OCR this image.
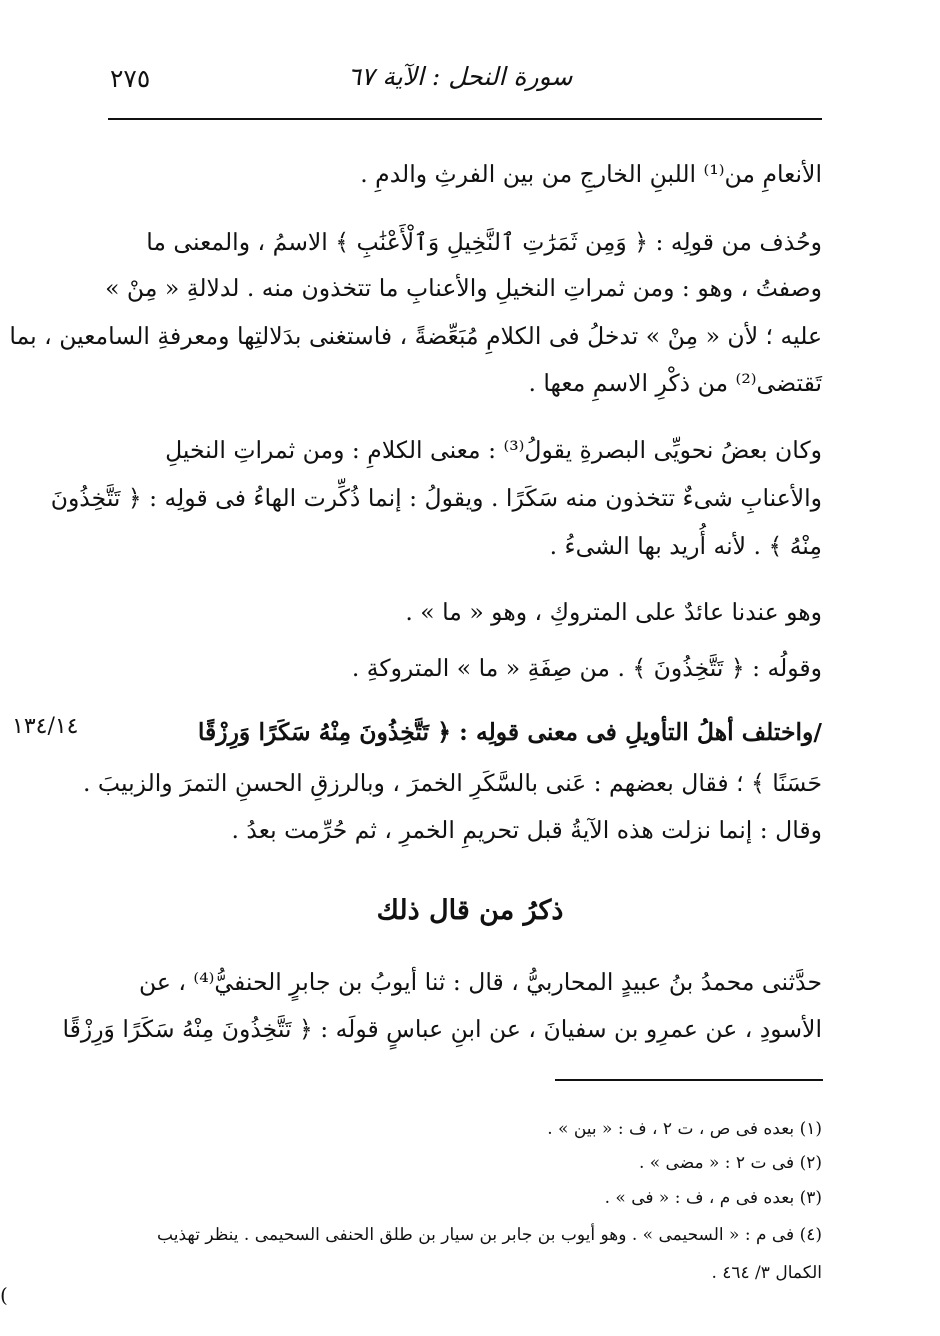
سورة النحل : الآية ٦٧
٢٧٥
الأنعامِ من⁽¹⁾ اللبنِ الخارجِ من بين الفرثِ والدمِ .
وحُذف من قولِه : ﴿ وَمِن ثَمَرَٰتِ ٱلنَّخِيلِ وَٱلْأَعْنَٰبِ ﴾ الاسمُ ، والمعنى ما
وصفتُ ، وهو : ومن ثمراتِ النخيلِ والأعنابِ ما تتخذون منه . لدلالةِ « مِنْ »
عليه ؛ لأن « مِنْ » تدخلُ فى الكلامِ مُبَعِّضةً ، فاستغنى بدَلالتِها ومعرفةِ السامعين ، بما
تَقتضى⁽²⁾ من ذكْرِ الاسمِ معها .
وكان بعضُ نحويِّى البصرةِ يقولُ⁽³⁾ : معنى الكلامِ : ومن ثمراتِ النخيلِ
والأعنابِ شىءٌ تتخذون منه سَكَرًا . ويقولُ : إنما ذُكِّرت الهاءُ فى قولِه : ﴿ تَتَّخِذُونَ
مِنْهُ ﴾ . لأنه أُريد بها الشىءُ .
وهو عندنا عائدٌ على المتروكِ ، وهو « ما » .
وقولُه : ﴿ تَتَّخِذُونَ ﴾ . من صِفَةِ « ما » المتروكةِ .
/واختلف أهلُ التأويلِ فى معنى قولِه : ﴿ تَتَّخِذُونَ مِنْهُ سَكَرًا وَرِزْقًا
حَسَنًا ﴾ ؛ فقال بعضهم : عَنى بالسَّكَرِ الخمرَ ، وبالرزقِ الحسنِ التمرَ والزبيبَ .
وقال : إنما نزلت هذه الآيةُ قبل تحريمِ الخمرِ ، ثم حُرِّمت بعدُ .
١٣٤/١٤
ذكرُ من قال ذلك
حدَّثنى محمدُ بنُ عبيدٍ المحاربيُّ ، قال : ثنا أيوبُ بن جابرٍ الحنفيُّ⁽⁴⁾ ، عن
الأسودِ ، عن عمرِو بن سفيانَ ، عن ابنِ عباسٍ قولَه : ﴿ تَتَّخِذُونَ مِنْهُ سَكَرًا وَرِزْقًا
(١) بعده فى ص ، ت ٢ ، ف : « بين » .
(٢) فى ت ٢ : « مضى » .
(٣) بعده فى م ، ف : « فى » .
(٤) فى م : « السحيمى » . وهو أيوب بن جابر بن سيار بن طلق الحنفى السحيمى . ينظر تهذيب
الكمال ٣/ ٤٦٤ .
(
